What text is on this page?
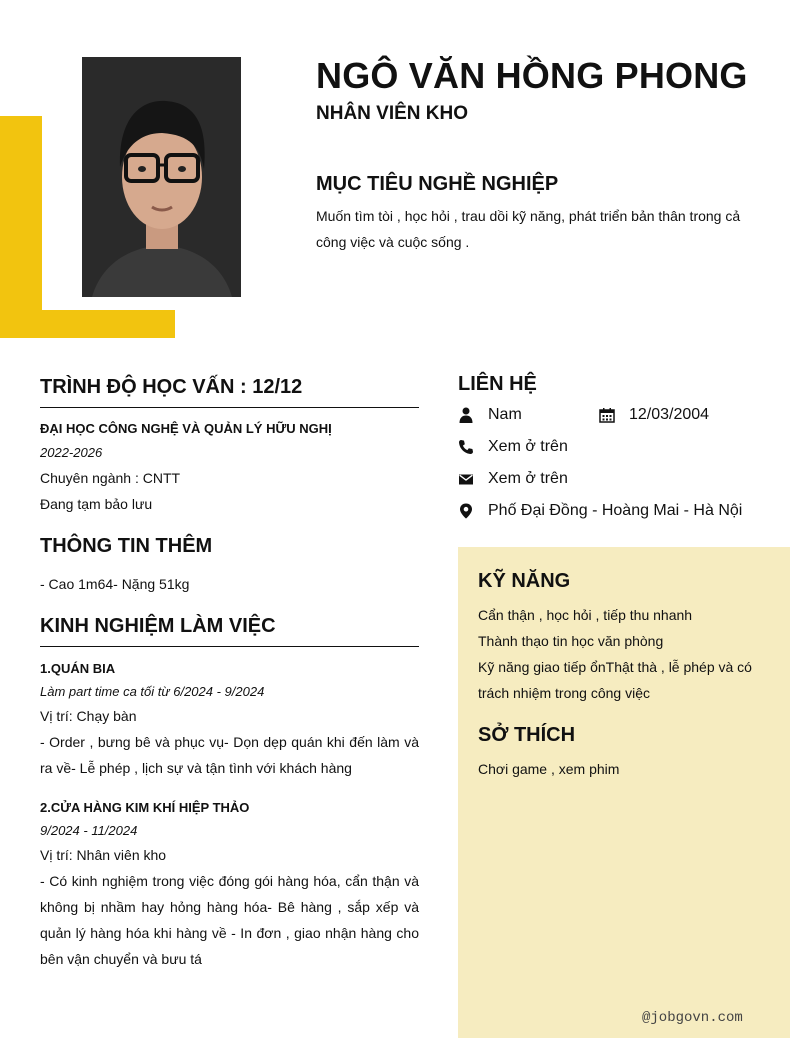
NGÔ VĂN HỒNG PHONG
NHÂN VIÊN KHO
MỤC TIÊU NGHỀ NGHIỆP
Muốn tìm tòi , học hỏi , trau dồi kỹ năng, phát triển bản thân trong cả công việc và cuộc sống .
TRÌNH ĐỘ HỌC VẤN : 12/12
ĐẠI HỌC CÔNG NGHỆ VÀ QUẢN LÝ HỮU NGHỊ
2022-2026
Chuyên ngành : CNTT
Đang tạm bảo lưu
THÔNG TIN THÊM
- Cao 1m64- Nặng 51kg
KINH NGHIỆM LÀM VIỆC
1.QUÁN BIA
Làm part time ca tối từ 6/2024 - 9/2024
Vị trí: Chạy bàn
- Order , bưng bê và phục vụ- Dọn dẹp quán khi đến làm và ra về- Lễ phép , lịch sự và tận tình với khách hàng
2.CỬA HÀNG KIM KHÍ HIỆP THẢO
9/2024 - 11/2024
Vị trí: Nhân viên kho
- Có kinh nghiệm trong việc đóng gói hàng hóa, cẩn thận và không bị nhầm hay hỏng hàng hóa- Bê hàng , sắp xếp và quản lý hàng hóa khi hàng về - In đơn , giao nhận hàng cho bên vận chuyển và bưu tá
LIÊN HỆ
Nam	12/03/2004
Xem ở trên
Xem ở trên
Phố Đại Đồng - Hoàng Mai - Hà Nội
KỸ NĂNG
Cẩn thận , học hỏi , tiếp thu nhanh
Thành thạo tin học văn phòng
Kỹ năng giao tiếp ổnThật thà , lễ phép và có trách nhiệm trong công việc
SỞ THÍCH
Chơi game , xem phim
@jobgovn.com
